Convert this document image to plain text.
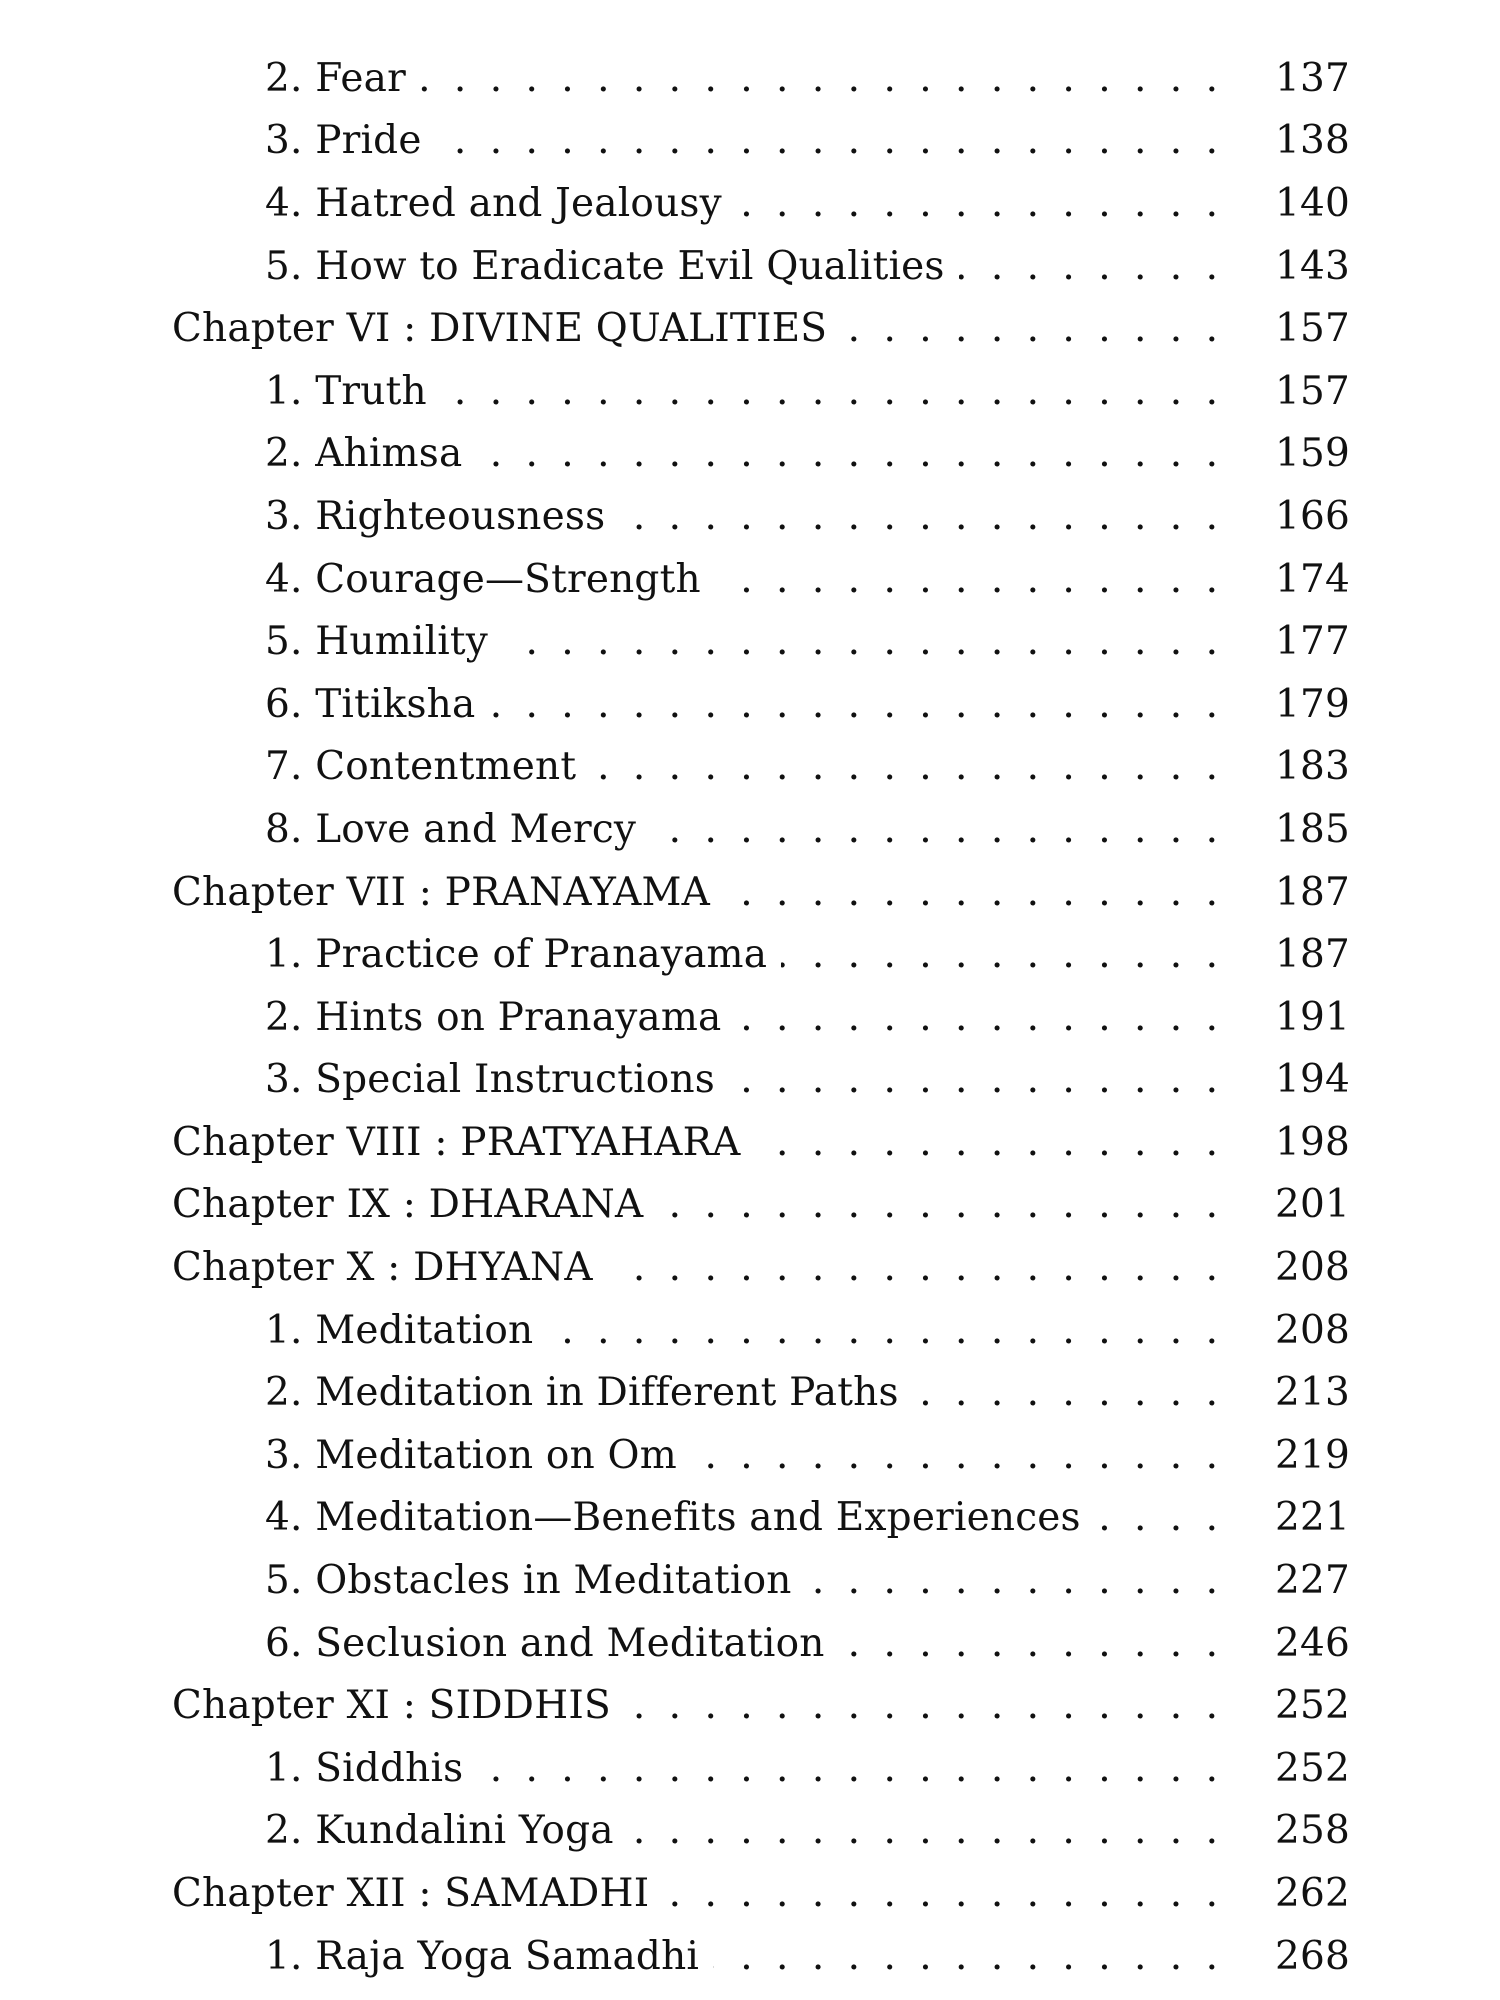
2. Fear . . .	137
3. Pride . . .	138
4. Hatred and Jealousy . . .	140
5. How to Eradicate Evil Qualities . . .	143
Chapter VI : DIVINE QUALITIES . . .	157
1. Truth . . .	157
2. Ahimsa . . .	159
3. Righteousness . . .	166
4. Courage—Strength . . .	174
5. Humility . . .	177
6. Titiksha . . .	179
7. Contentment . . .	183
8. Love and Mercy . . .	185
Chapter VII : PRANAYAMA . . .	187
1. Practice of Pranayama . . .	187
2. Hints on Pranayama . . .	191
3. Special Instructions . . .	194
Chapter VIII : PRATYAHARA . . .	198
Chapter IX : DHARANA . . .	201
Chapter X : DHYANA . . .	208
1. Meditation . . .	208
2. Meditation in Different Paths . . .	213
3. Meditation on Om . . .	219
4. Meditation—Benefits and Experiences . . .	221
5. Obstacles in Meditation . . .	227
6. Seclusion and Meditation . . .	246
Chapter XI : SIDDHIS . . .	252
1. Siddhis . . .	252
2. Kundalini Yoga . . .	258
Chapter XII : SAMADHI . . .	262
1. Raja Yoga Samadhi . . .	268
